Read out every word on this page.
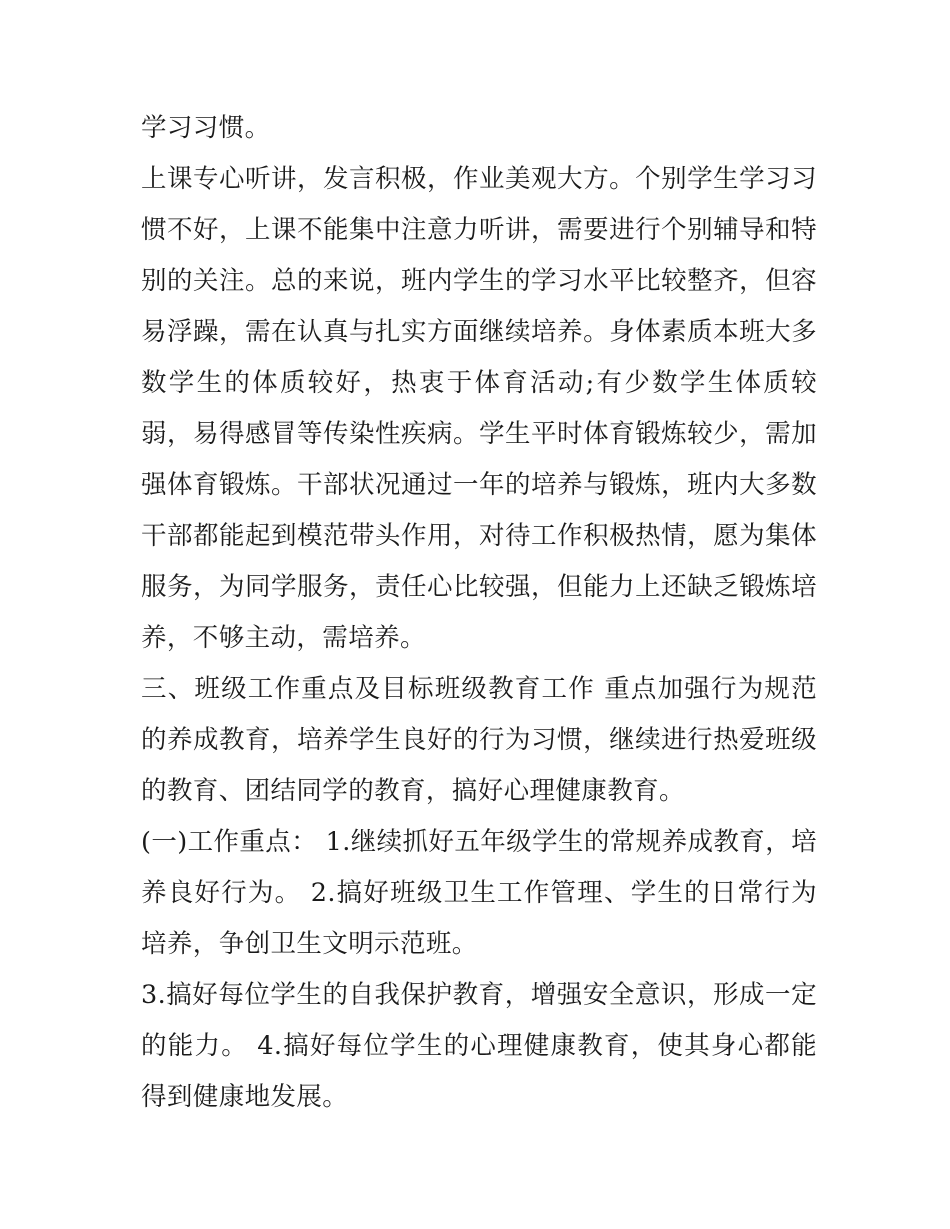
学习习惯。

上课专心听讲，发言积极，作业美观大方。个别学生学习习惯不好，上课不能集中注意力听讲，需要进行个别辅导和特别的关注。总的来说，班内学生的学习水平比较整齐，但容易浮躁，需在认真与扎实方面继续培养。身体素质本班大多数学生的体质较好，热衷于体育活动;有少数学生体质较弱，易得感冒等传染性疾病。学生平时体育锻炼较少，需加强体育锻炼。干部状况通过一年的培养与锻炼，班内大多数干部都能起到模范带头作用，对待工作积极热情，愿为集体服务，为同学服务，责任心比较强，但能力上还缺乏锻炼培养，不够主动，需培养。

三、班级工作重点及目标班级教育工作 重点加强行为规范的养成教育，培养学生良好的行为习惯，继续进行热爱班级的教育、团结同学的教育，搞好心理健康教育。

(一)工作重点： 1.继续抓好五年级学生的常规养成教育，培养良好行为。 2.搞好班级卫生工作管理、学生的日常行为培养，争创卫生文明示范班。

3.搞好每位学生的自我保护教育，增强安全意识，形成一定的能力。 4.搞好每位学生的心理健康教育，使其身心都能得到健康地发展。
